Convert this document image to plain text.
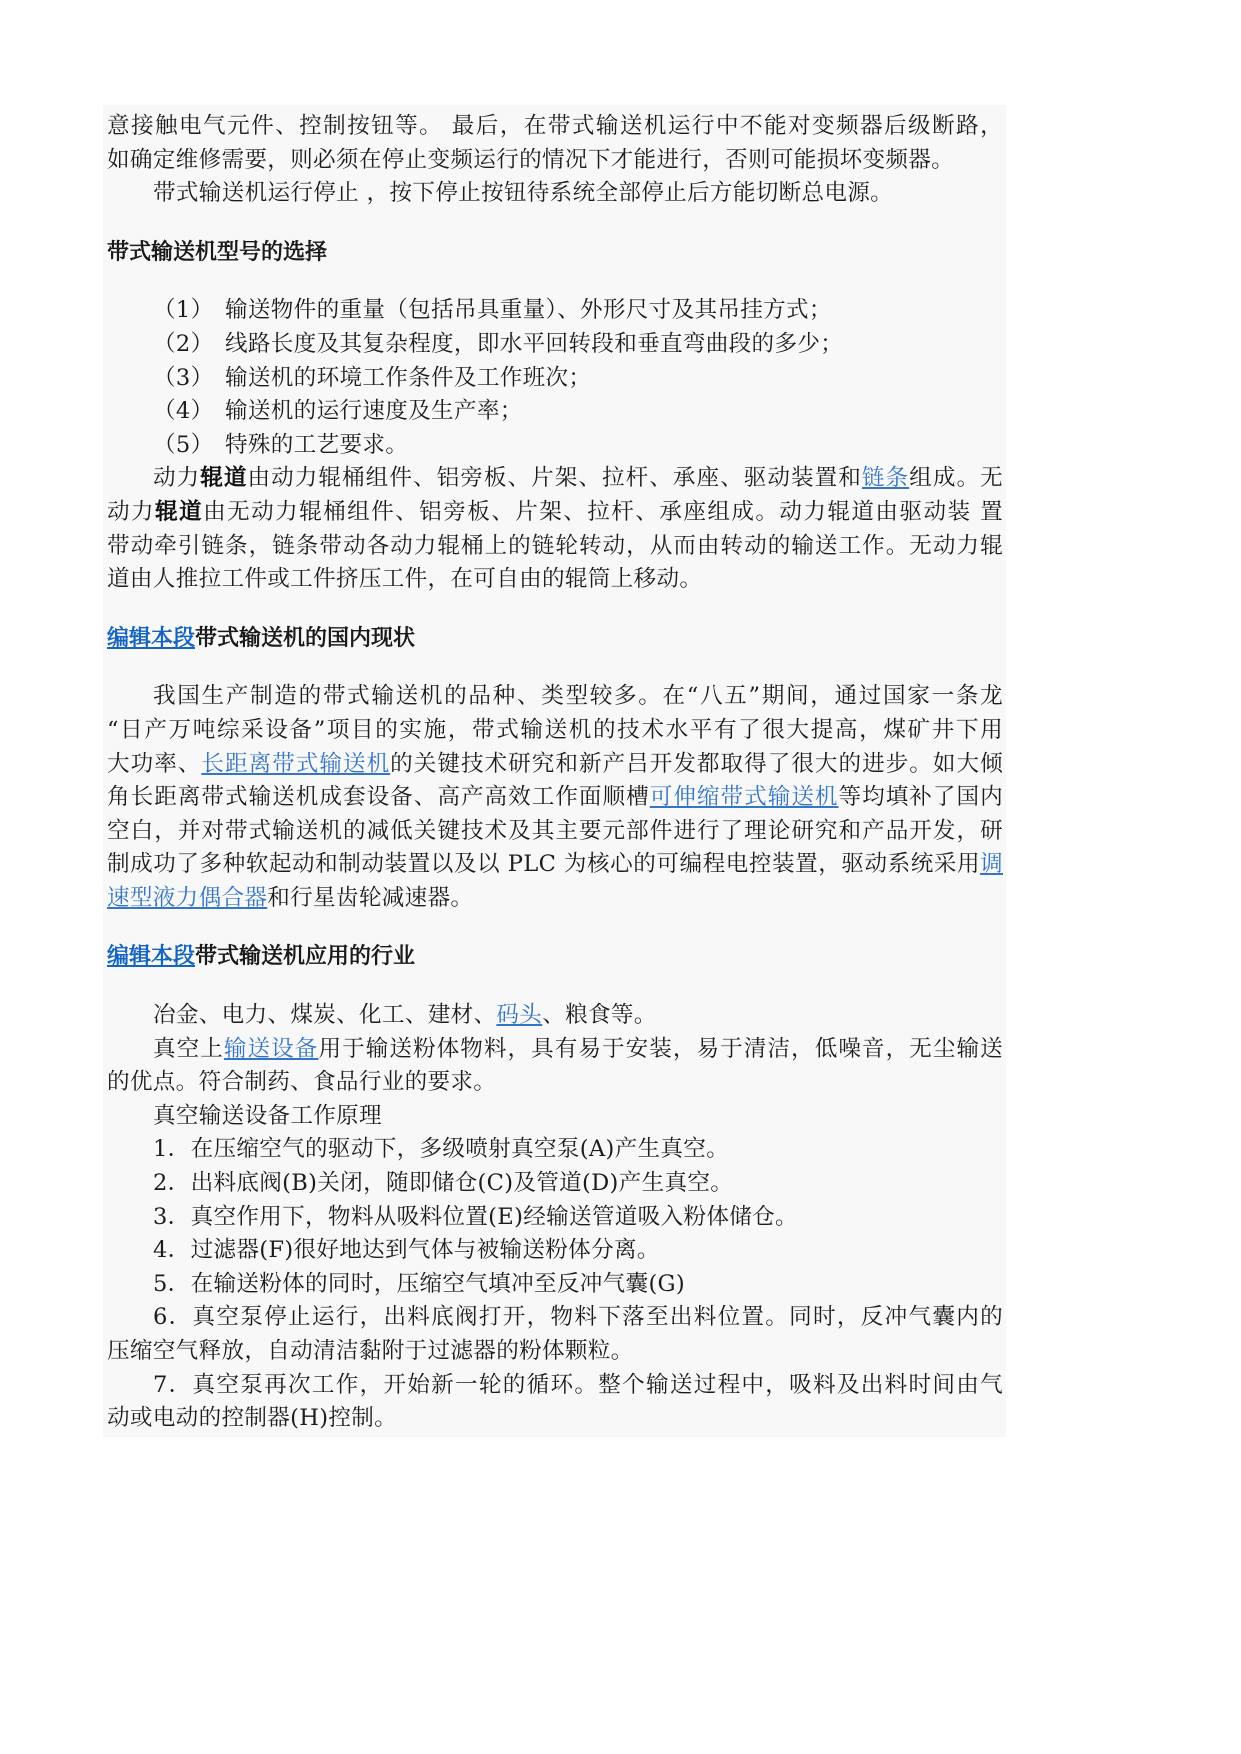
意接触电气元件、控制按钮等。 最后，在带式输送机运行中不能对变频器后级断路，
如确定维修需要，则必须在停止变频运行的情况下才能进行，否则可能损坏变频器。
带式输送机运行停止 ，按下停止按钮待系统全部停止后方能切断总电源。
带式输送机型号的选择
（1） 输送物件的重量（包括吊具重量）、外形尺寸及其吊挂方式；
（2） 线路长度及其复杂程度，即水平回转段和垂直弯曲段的多少；
（3） 输送机的环境工作条件及工作班次；
（4） 输送机的运行速度及生产率；
（5） 特殊的工艺要求。
动力辊道由动力辊桶组件、铝旁板、片架、拉杆、承座、驱动装置和链条组成。无
动力辊道由无动力辊桶组件、铝旁板、片架、拉杆、承座组成。动力辊道由驱动装 置
带动牵引链条，链条带动各动力辊桶上的链轮转动，从而由转动的输送工作。无动力辊
道由人推拉工件或工件挤压工件，在可自由的辊筒上移动。
编辑本段带式输送机的国内现状
我国生产制造的带式输送机的品种、类型较多。在“八五”期间，通过国家一条龙
“日产万吨综采设备”项目的实施，带式输送机的技术水平有了很大提高，煤矿井下用
大功率、长距离带式输送机的关键技术研究和新产吕开发都取得了很大的进步。如大倾
角长距离带式输送机成套设备、高产高效工作面顺槽可伸缩带式输送机等均填补了国内
空白，并对带式输送机的减低关键技术及其主要元部件进行了理论研究和产品开发，研
制成功了多种软起动和制动装置以及以 PLC 为核心的可编程电控装置，驱动系统采用调
速型液力偶合器和行星齿轮减速器。
编辑本段带式输送机应用的行业
冶金、电力、煤炭、化工、建材、码头、粮食等。
真空上输送设备用于输送粉体物料，具有易于安装，易于清洁，低噪音，无尘输送
的优点。符合制药、食品行业的要求。
真空输送设备工作原理
1．在压缩空气的驱动下，多级喷射真空泵(A)产生真空。
2．出料底阀(B)关闭，随即储仓(C)及管道(D)产生真空。
3．真空作用下，物料从吸料位置(E)经输送管道吸入粉体储仓。
4．过滤器(F)很好地达到气体与被输送粉体分离。
5．在输送粉体的同时，压缩空气填冲至反冲气囊(G)
6．真空泵停止运行，出料底阀打开，物料下落至出料位置。同时，反冲气囊内的
压缩空气释放，自动清洁黏附于过滤器的粉体颗粒。
7．真空泵再次工作，开始新一轮的循环。整个输送过程中，吸料及出料时间由气
动或电动的控制器(H)控制。
